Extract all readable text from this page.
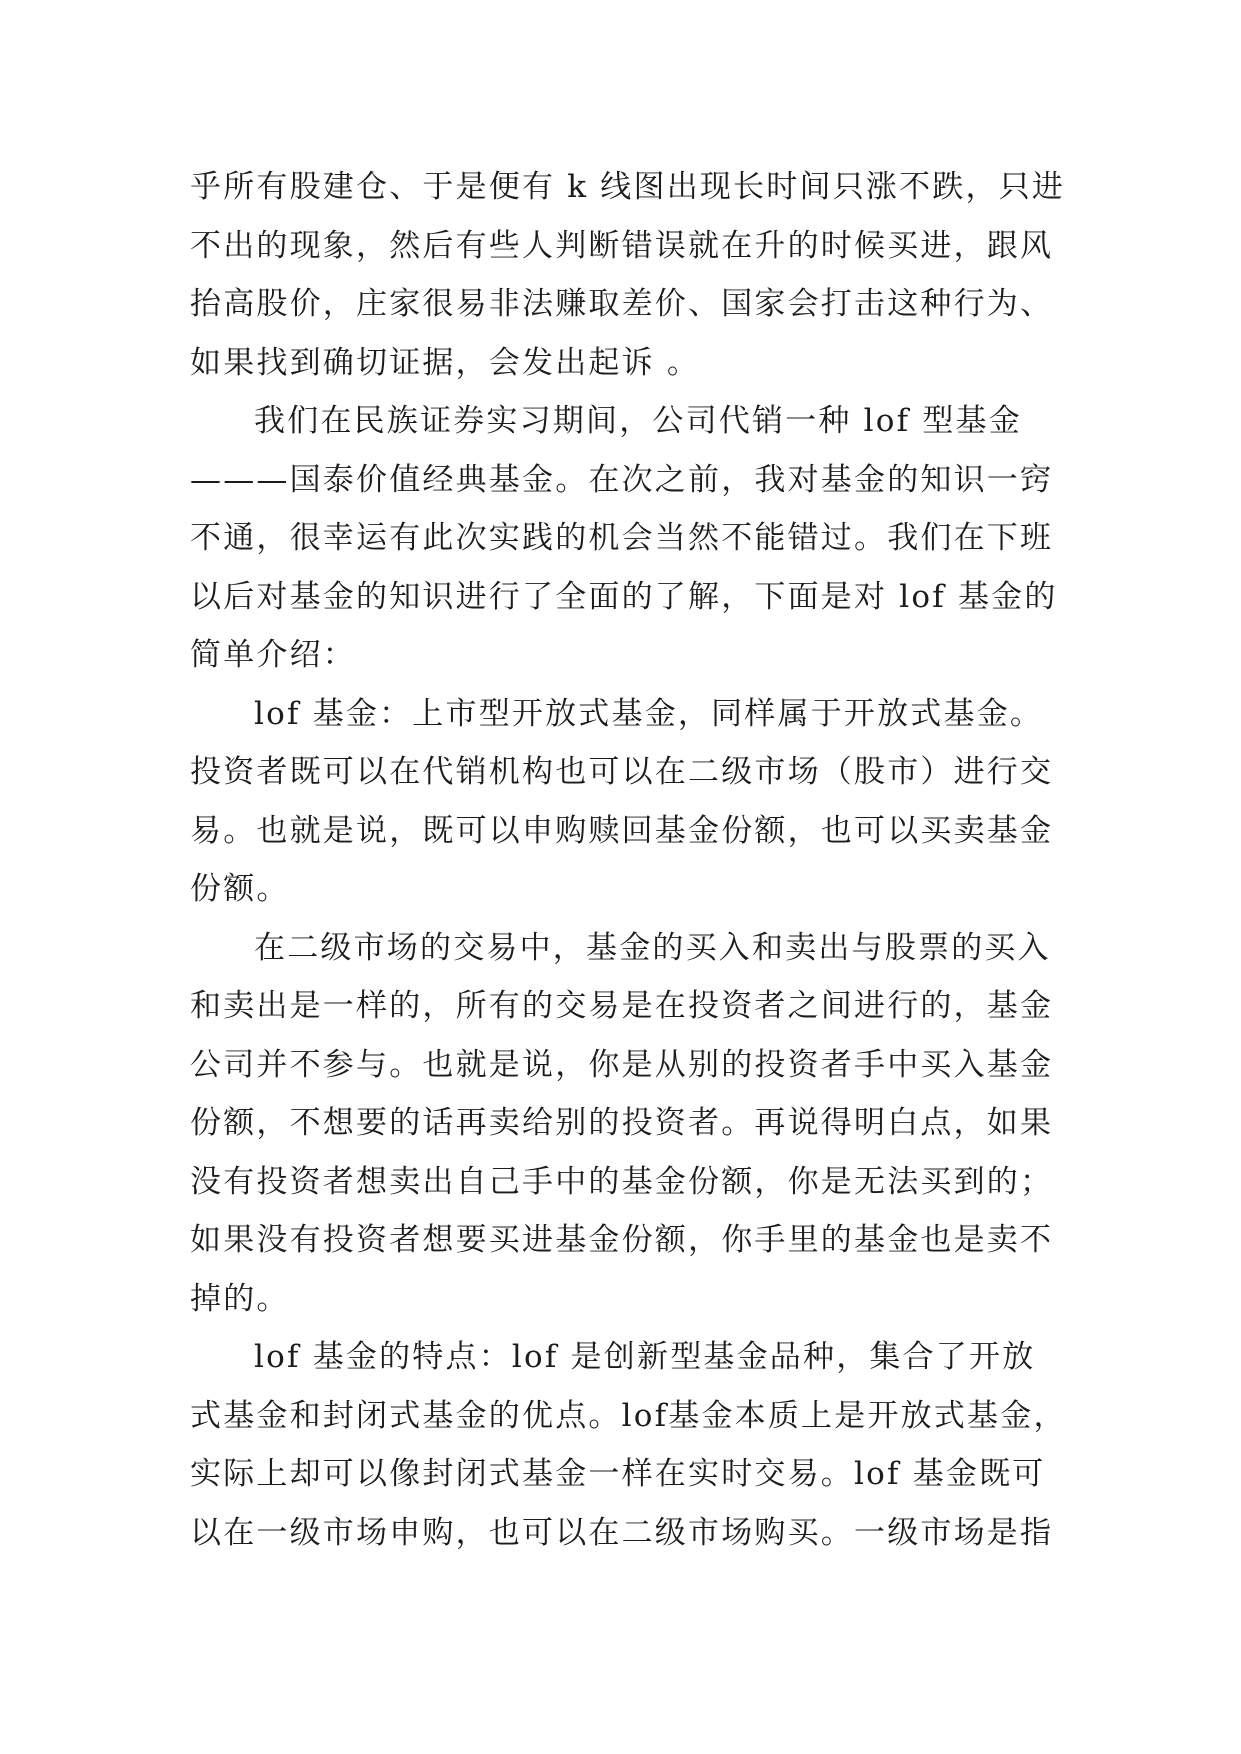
乎所有股建仓、于是便有 k 线图出现长时间只涨不跌，只进
不出的现象，然后有些人判断错误就在升的时候买进，跟风
抬高股价，庄家很易非法赚取差价、国家会打击这种行为、
如果找到确切证据，会发出起诉 。
我们在民族证券实习期间，公司代销一种 lof 型基金
———国泰价值经典基金。在次之前，我对基金的知识一窍
不通，很幸运有此次实践的机会当然不能错过。我们在下班
以后对基金的知识进行了全面的了解，下面是对 lof 基金的
简单介绍：
lof 基金：上市型开放式基金，同样属于开放式基金。
投资者既可以在代销机构也可以在二级市场（股市）进行交
易。也就是说，既可以申购赎回基金份额，也可以买卖基金
份额。
在二级市场的交易中，基金的买入和卖出与股票的买入
和卖出是一样的，所有的交易是在投资者之间进行的，基金
公司并不参与。也就是说，你是从别的投资者手中买入基金
份额，不想要的话再卖给别的投资者。再说得明白点，如果
没有投资者想卖出自己手中的基金份额，你是无法买到的；
如果没有投资者想要买进基金份额，你手里的基金也是卖不
掉的。
lof 基金的特点：lof 是创新型基金品种，集合了开放
式基金和封闭式基金的优点。lof基金本质上是开放式基金，
实际上却可以像封闭式基金一样在实时交易。lof 基金既可
以在一级市场申购，也可以在二级市场购买。一级市场是指
